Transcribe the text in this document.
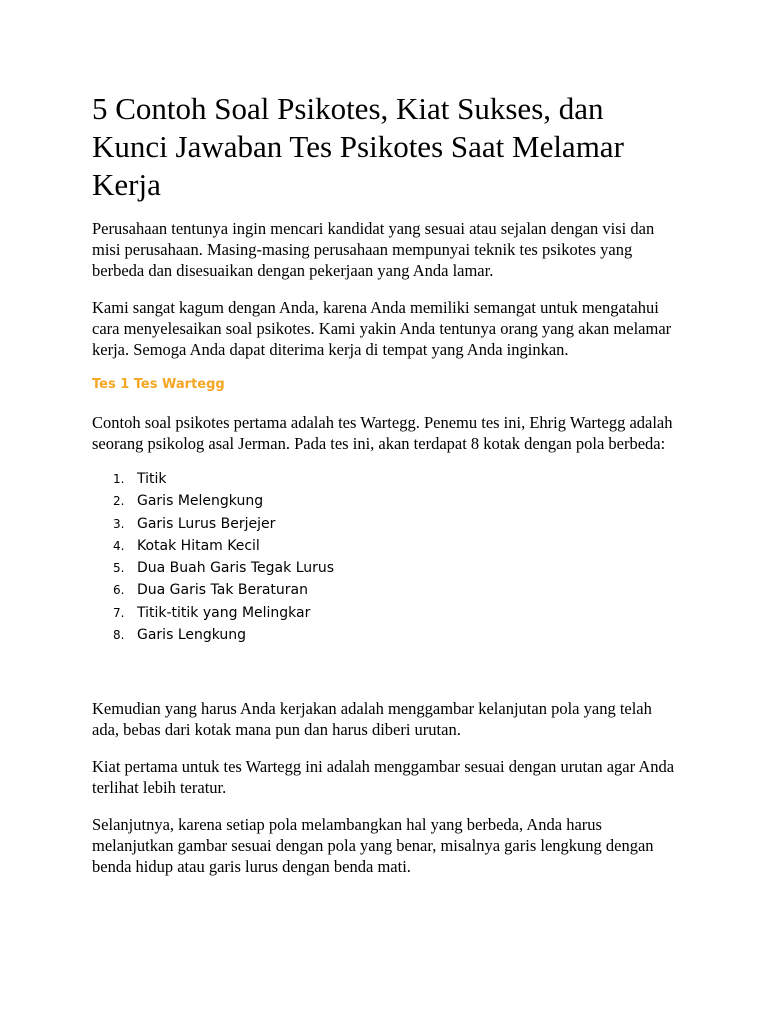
5 Contoh Soal Psikotes, Kiat Sukses, dan Kunci Jawaban Tes Psikotes Saat Melamar Kerja

Perusahaan tentunya ingin mencari kandidat yang sesuai atau sejalan dengan visi dan misi perusahaan. Masing-masing perusahaan mempunyai teknik tes psikotes yang berbeda dan disesuaikan dengan pekerjaan yang Anda lamar.

Kami sangat kagum dengan Anda, karena Anda memiliki semangat untuk mengatahui cara menyelesaikan soal psikotes. Kami yakin Anda tentunya orang yang akan melamar kerja. Semoga Anda dapat diterima kerja di tempat yang Anda inginkan.

Tes 1 Tes Wartegg

Contoh soal psikotes pertama adalah tes Wartegg. Penemu tes ini, Ehrig Wartegg adalah seorang psikolog asal Jerman. Pada tes ini, akan terdapat 8 kotak dengan pola berbeda:

1. Titik
2. Garis Melengkung
3. Garis Lurus Berjejer
4. Kotak Hitam Kecil
5. Dua Buah Garis Tegak Lurus
6. Dua Garis Tak Beraturan
7. Titik-titik yang Melingkar
8. Garis Lengkung

Kemudian yang harus Anda kerjakan adalah menggambar kelanjutan pola yang telah ada, bebas dari kotak mana pun dan harus diberi urutan.

Kiat pertama untuk tes Wartegg ini adalah menggambar sesuai dengan urutan agar Anda terlihat lebih teratur.

Selanjutnya, karena setiap pola melambangkan hal yang berbeda, Anda harus melanjutkan gambar sesuai dengan pola yang benar, misalnya garis lengkung dengan benda hidup atau garis lurus dengan benda mati.
